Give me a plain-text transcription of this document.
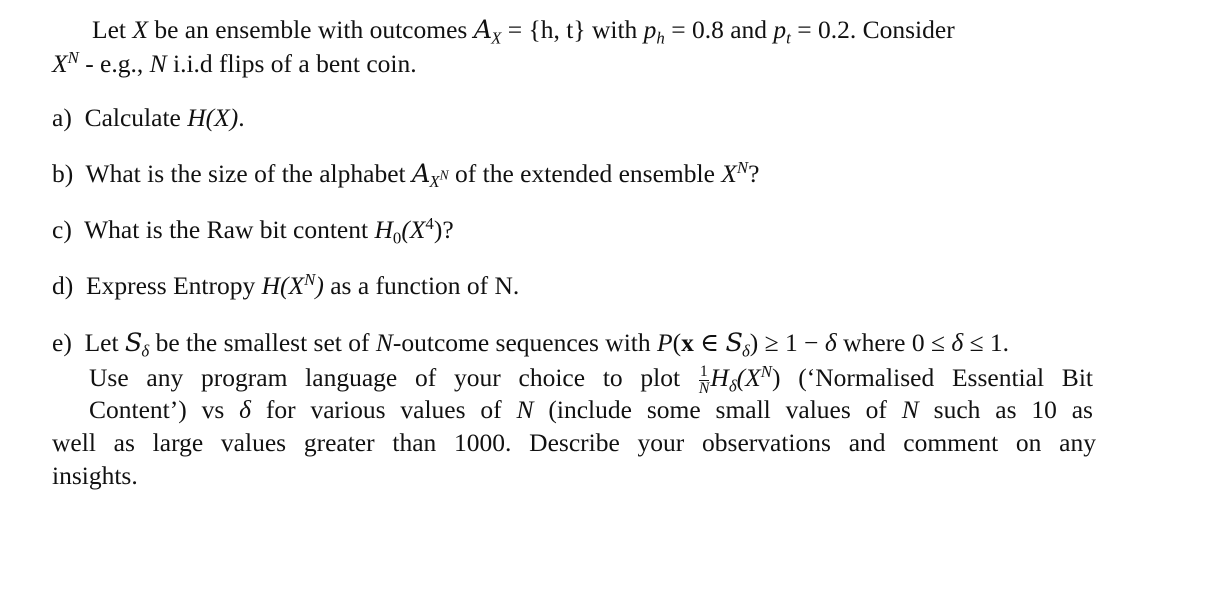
Let X be an ensemble with outcomes $A_X = \{h$, t} with $p_h = 0.8$ and $p_t = 0.2$. Consider
$X^N - e.g$., N i.i.d flips of a bent coin.
a) Calculate H(X).
b) What is the size of the alphabet $A_{X^N}$ of the extended ensemble $X^N$?
c) What is the Raw bit content $H_0(X^4)$?
d) Express Entropy $H(X^N)$ as a function of N.
e) Let $S_\delta$ be the smallest set of N-outcome sequences with P(x ∈ $S_\delta) \ge 1 - \delta$ where 0 ≤ δ ≤ 1.
Use any program language of your choice to plot $\frac{1}{N} H_\delta(X^N)$ (‘Normalised Essential Bit
Content’) vs δ for various values of N (include some small values of N such as 10 as
well as large values greater than 1000. Describe your observations and comment on any
insights.
